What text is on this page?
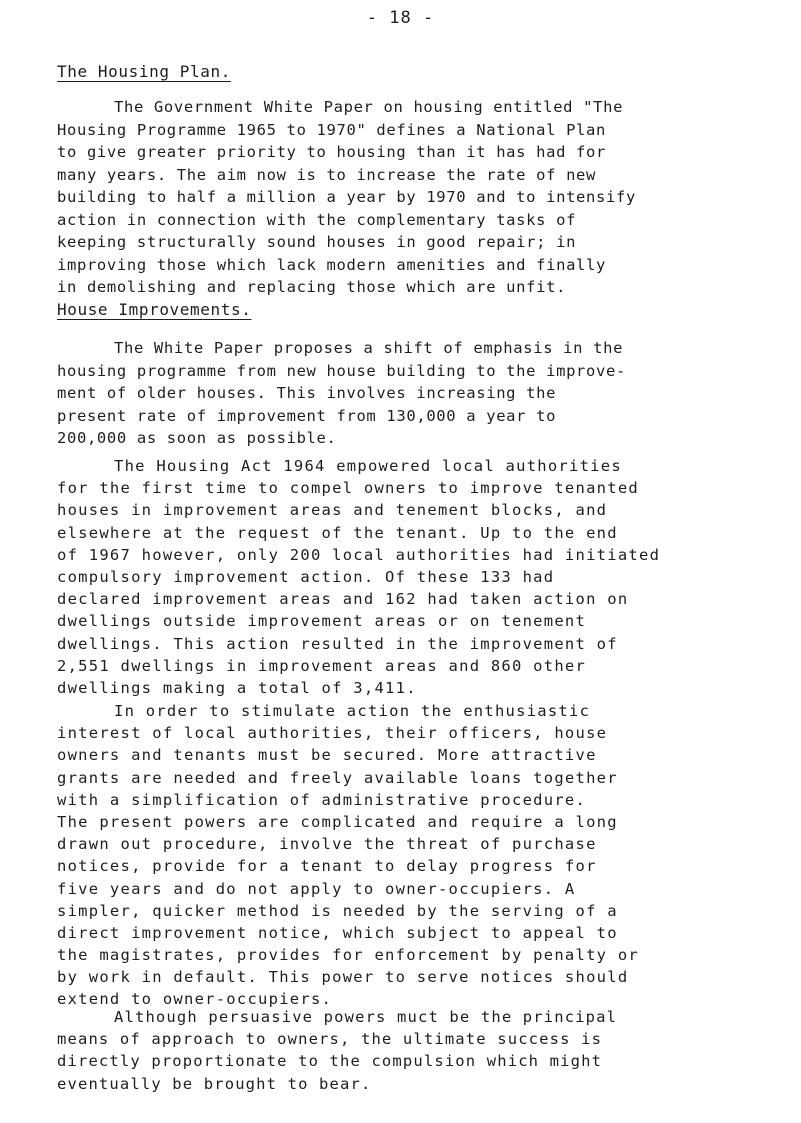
- 18 -
The Housing Plan.
The Government White Paper on housing entitled "The
Housing Programme 1965 to 1970" defines a National Plan
to give greater priority to housing than it has had for
many years. The aim now is to increase the rate of new
building to half a million a year by 1970 and to intensify
action in connection with the complementary tasks of
keeping structurally sound houses in good repair; in
improving those which lack modern amenities and finally
in demolishing and replacing those which are unfit.
House Improvements.
The White Paper proposes a shift of emphasis in the
housing programme from new house building to the improve-
ment of older houses. This involves increasing the
present rate of improvement from 130,000 a year to
200,000 as soon as possible.
The Housing Act 1964 empowered local authorities
for the first time to compel owners to improve tenanted
houses in improvement areas and tenement blocks, and
elsewhere at the request of the tenant. Up to the end
of 1967 however, only 200 local authorities had initiated
compulsory improvement action. Of these 133 had
declared improvement areas and 162 had taken action on
dwellings outside improvement areas or on tenement
dwellings. This action resulted in the improvement of
2,551 dwellings in improvement areas and 860 other
dwellings making a total of 3,411.
In order to stimulate action the enthusiastic
interest of local authorities, their officers, house
owners and tenants must be secured. More attractive
grants are needed and freely available loans together
with a simplification of administrative procedure.
The present powers are complicated and require a long
drawn out procedure, involve the threat of purchase
notices, provide for a tenant to delay progress for
five years and do not apply to owner-occupiers. A
simpler, quicker method is needed by the serving of a
direct improvement notice, which subject to appeal to
the magistrates, provides for enforcement by penalty or
by work in default. This power to serve notices should
extend to owner-occupiers.
Although persuasive powers muct be the principal
means of approach to owners, the ultimate success is
directly proportionate to the compulsion which might
eventually be brought to bear.
